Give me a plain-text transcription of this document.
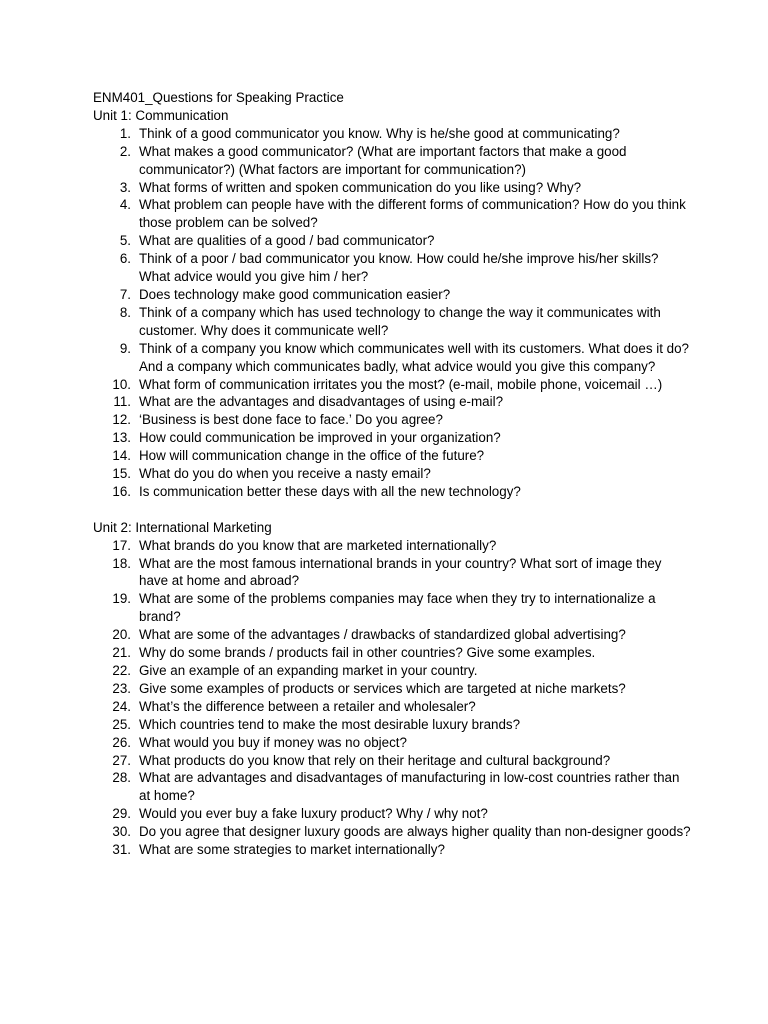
ENM401_Questions for Speaking Practice
Unit 1: Communication
1. Think of a good communicator you know. Why is he/she good at communicating?
2. What makes a good communicator? (What are important factors that make a good communicator?) (What factors are important for communication?)
3. What forms of written and spoken communication do you like using? Why?
4. What problem can people have with the different forms of communication? How do you think those problem can be solved?
5. What are qualities of a good / bad communicator?
6. Think of a poor / bad communicator you know. How could he/she improve his/her skills? What advice would you give him / her?
7. Does technology make good communication easier?
8. Think of a company which has used technology to change the way it communicates with customer. Why does it communicate well?
9. Think of a company you know which communicates well with its customers. What does it do? And a company which communicates badly, what advice would you give this company?
10. What form of communication irritates you the most? (e-mail, mobile phone, voicemail …)
11. What are the advantages and disadvantages of using e-mail?
12. ‘Business is best done face to face.’ Do you agree?
13. How could communication be improved in your organization?
14. How will communication change in the office of the future?
15. What do you do when you receive a nasty email?
16. Is communication better these days with all the new technology?
Unit 2: International Marketing
17. What brands do you know that are marketed internationally?
18. What are the most famous international brands in your country? What sort of image they have at home and abroad?
19. What are some of the problems companies may face when they try to internationalize a brand?
20. What are some of the advantages / drawbacks of standardized global advertising?
21. Why do some brands / products fail in other countries? Give some examples.
22. Give an example of an expanding market in your country.
23. Give some examples of products or services which are targeted at niche markets?
24. What’s the difference between a retailer and wholesaler?
25. Which countries tend to make the most desirable luxury brands?
26. What would you buy if money was no object?
27. What products do you know that rely on their heritage and cultural background?
28. What are advantages and disadvantages of manufacturing in low-cost countries rather than at home?
29. Would you ever buy a fake luxury product? Why / why not?
30. Do you agree that designer luxury goods are always higher quality than non-designer goods?
31. What are some strategies to market internationally?
